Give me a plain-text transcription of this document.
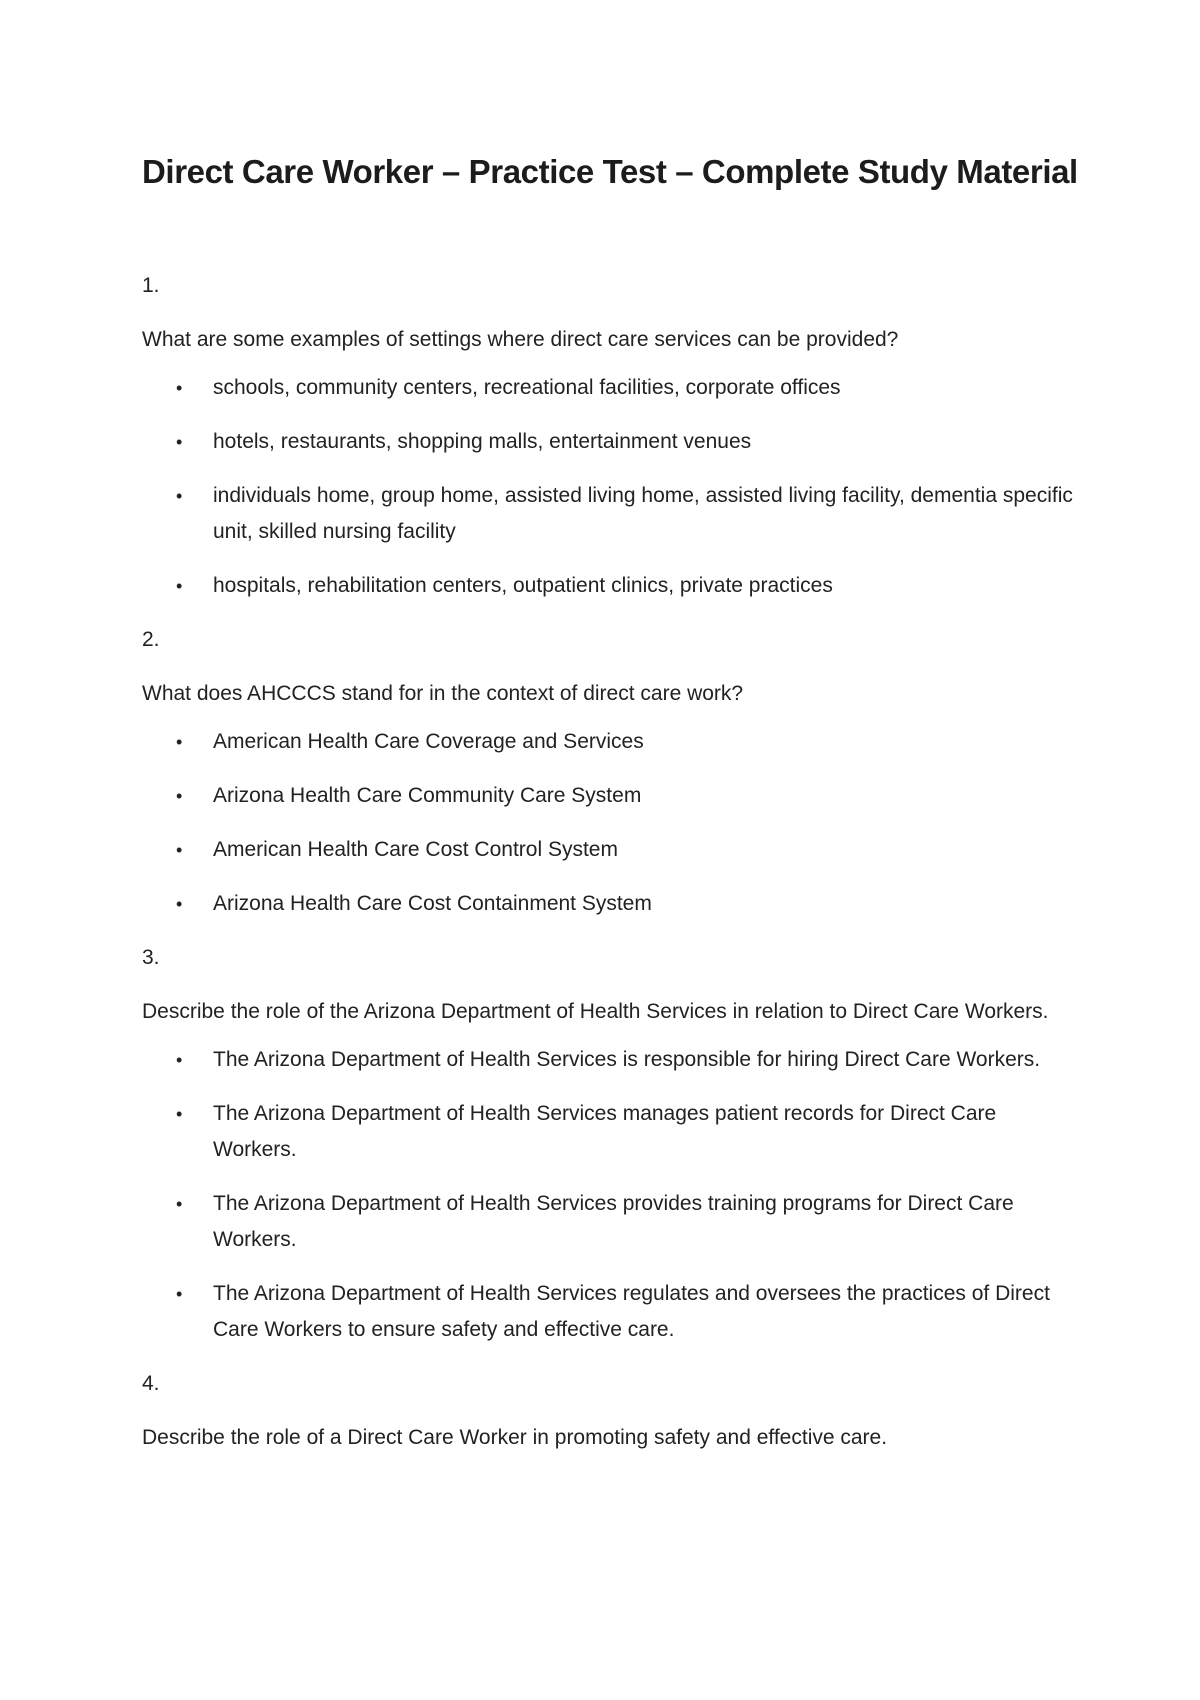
Direct Care Worker – Practice Test – Complete Study Material
1.
What are some examples of settings where direct care services can be provided?
• schools, community centers, recreational facilities, corporate offices
• hotels, restaurants, shopping malls, entertainment venues
• individuals home, group home, assisted living home, assisted living facility, dementia specific unit, skilled nursing facility
• hospitals, rehabilitation centers, outpatient clinics, private practices
2.
What does AHCCCS stand for in the context of direct care work?
• American Health Care Coverage and Services
• Arizona Health Care Community Care System
• American Health Care Cost Control System
• Arizona Health Care Cost Containment System
3.
Describe the role of the Arizona Department of Health Services in relation to Direct Care Workers.
• The Arizona Department of Health Services is responsible for hiring Direct Care Workers.
• The Arizona Department of Health Services manages patient records for Direct Care Workers.
• The Arizona Department of Health Services provides training programs for Direct Care Workers.
• The Arizona Department of Health Services regulates and oversees the practices of Direct Care Workers to ensure safety and effective care.
4.
Describe the role of a Direct Care Worker in promoting safety and effective care.
